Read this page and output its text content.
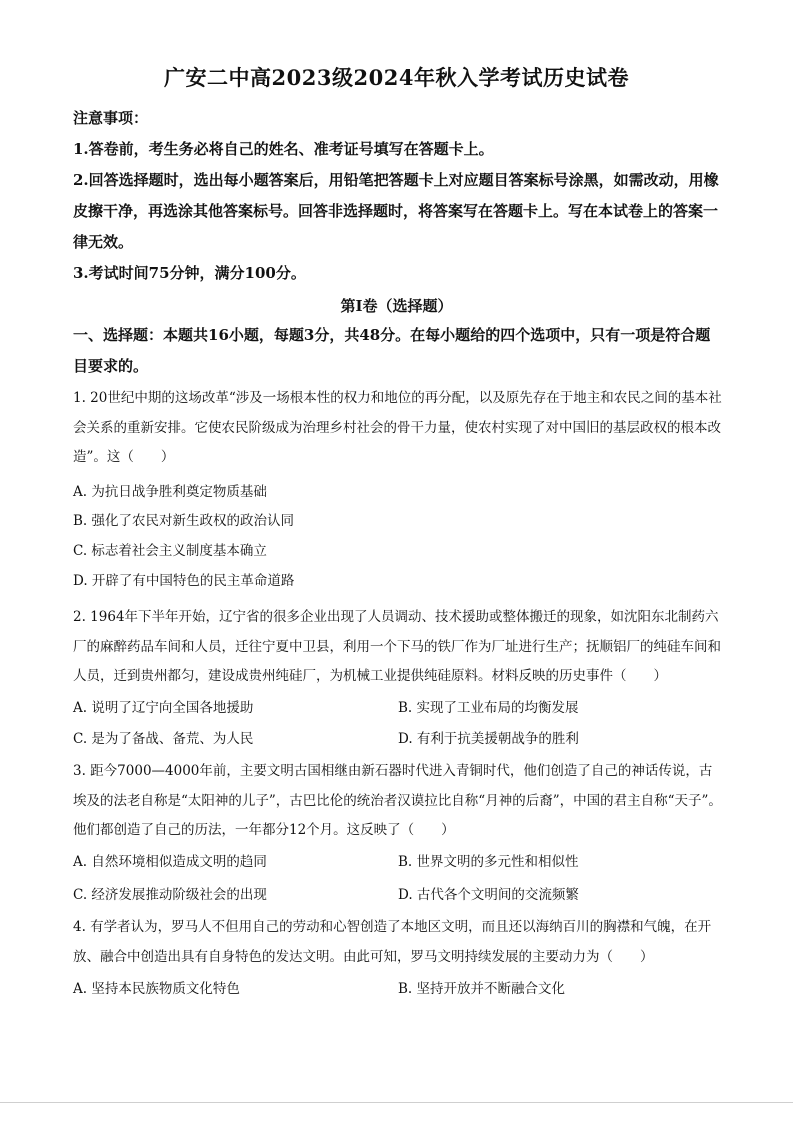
广安二中高2023级2024年秋入学考试历史试卷

注意事项：

1.答卷前，考生务必将自己的姓名、准考证号填写在答题卡上。

2.回答选择题时，选出每小题答案后，用铅笔把答题卡上对应题目答案标号涂黑，如需改动，用橡皮擦干净，再选涂其他答案标号。回答非选择题时，将答案写在答题卡上。写在本试卷上的答案一律无效。

3.考试时间75分钟，满分100分。

第Ⅰ卷（选择题）

一、选择题：本题共16小题，每题3分，共48分。在每小题给的四个选项中，只有一项是符合题目要求的。

1. 20世纪中期的这场改革“涉及一场根本性的权力和地位的再分配，以及原先存在于地主和农民之间的基本社会关系的重新安排。它使农民阶级成为治理乡村社会的骨干力量，使农村实现了对中国旧的基层政权的根本改造”。这（　　）

A. 为抗日战争胜利奠定物质基础
B. 强化了农民对新生政权的政治认同
C. 标志着社会主义制度基本确立
D. 开辟了有中国特色的民主革命道路

2. 1964年下半年开始，辽宁省的很多企业出现了人员调动、技术援助或整体搬迁的现象，如沈阳东北制药六厂的麻醉药品车间和人员，迁往宁夏中卫县，利用一个下马的铁厂作为厂址进行生产；抚顺铝厂的纯硅车间和人员，迁到贵州都匀，建设成贵州纯硅厂，为机械工业提供纯硅原料。材料反映的历史事件（　　）

A. 说明了辽宁向全国各地援助	B. 实现了工业布局的均衡发展
C. 是为了备战、备荒、为人民	D. 有利于抗美援朝战争的胜利

3. 距今7000—4000年前，主要文明古国相继由新石器时代进入青铜时代，他们创造了自己的神话传说，古埃及的法老自称是“太阳神的儿子”，古巴比伦的统治者汉谟拉比自称“月神的后裔”，中国的君主自称“天子”。他们都创造了自己的历法，一年都分12个月。这反映了（　　）

A. 自然环境相似造成文明的趋同	B. 世界文明的多元性和相似性
C. 经济发展推动阶级社会的出现	D. 古代各个文明间的交流频繁

4. 有学者认为，罗马人不但用自己的劳动和心智创造了本地区文明，而且还以海纳百川的胸襟和气魄，在开放、融合中创造出具有自身特色的发达文明。由此可知，罗马文明持续发展的主要动力为（　　）

A. 坚持本民族物质文化特色	B. 坚持开放并不断融合文化
